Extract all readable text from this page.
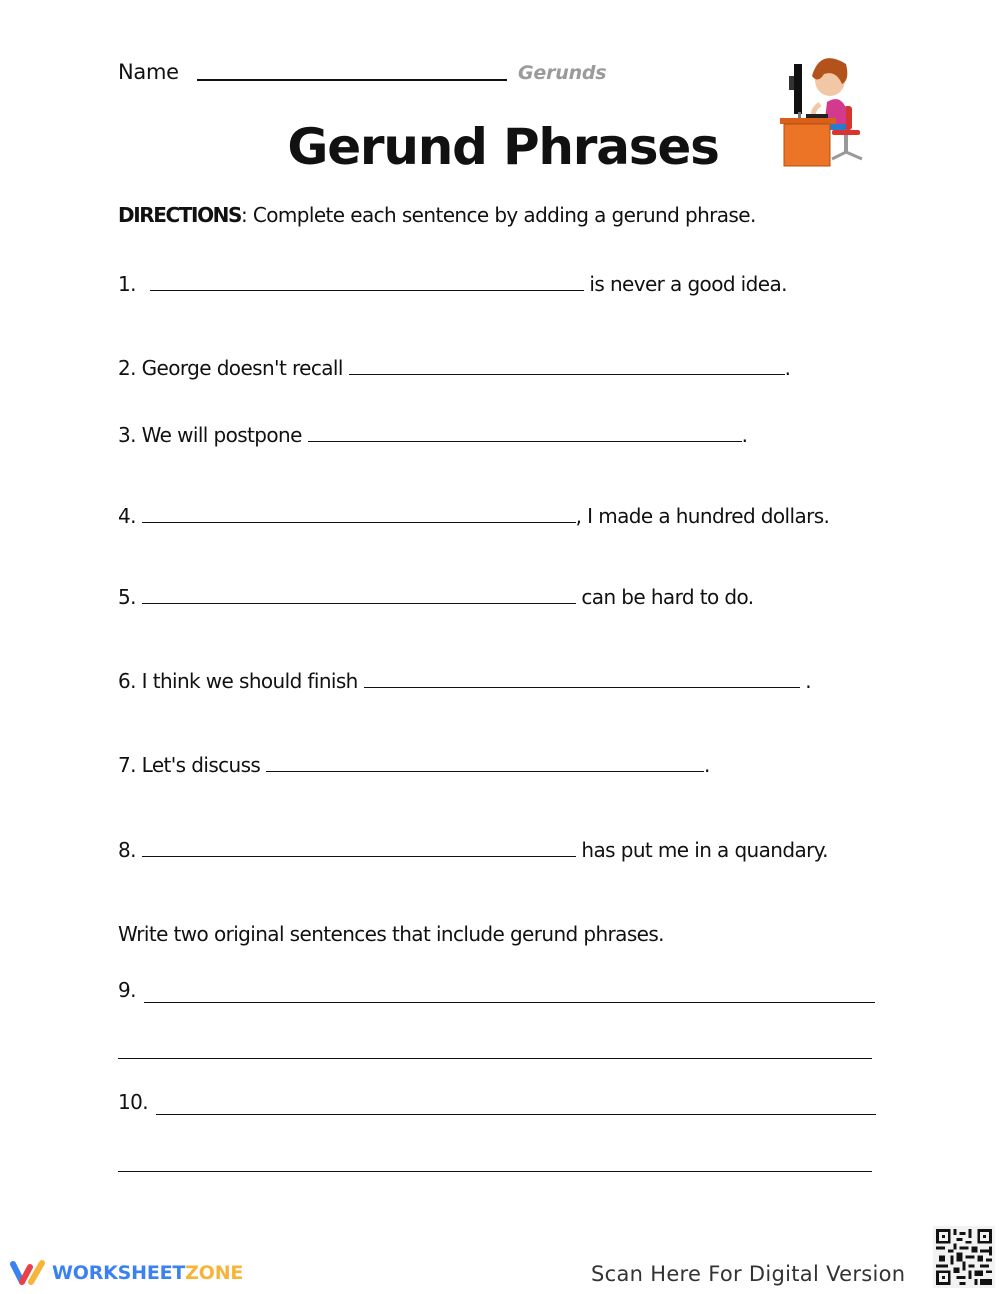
Name	Gerunds
Gerund Phrases
DIRECTIONS: Complete each sentence by adding a gerund phrase.
1.	is never a good idea.
2. George doesn't recall	.
3. We will postpone	.
4.	, I made a hundred dollars.
5.	can be hard to do.
6. I think we should finish	.
7. Let's discuss	.
8.	has put me in a quandary.
Write two original sentences that include gerund phrases.
9.
10.
WORKSHEETZONE	Scan Here For Digital Version
